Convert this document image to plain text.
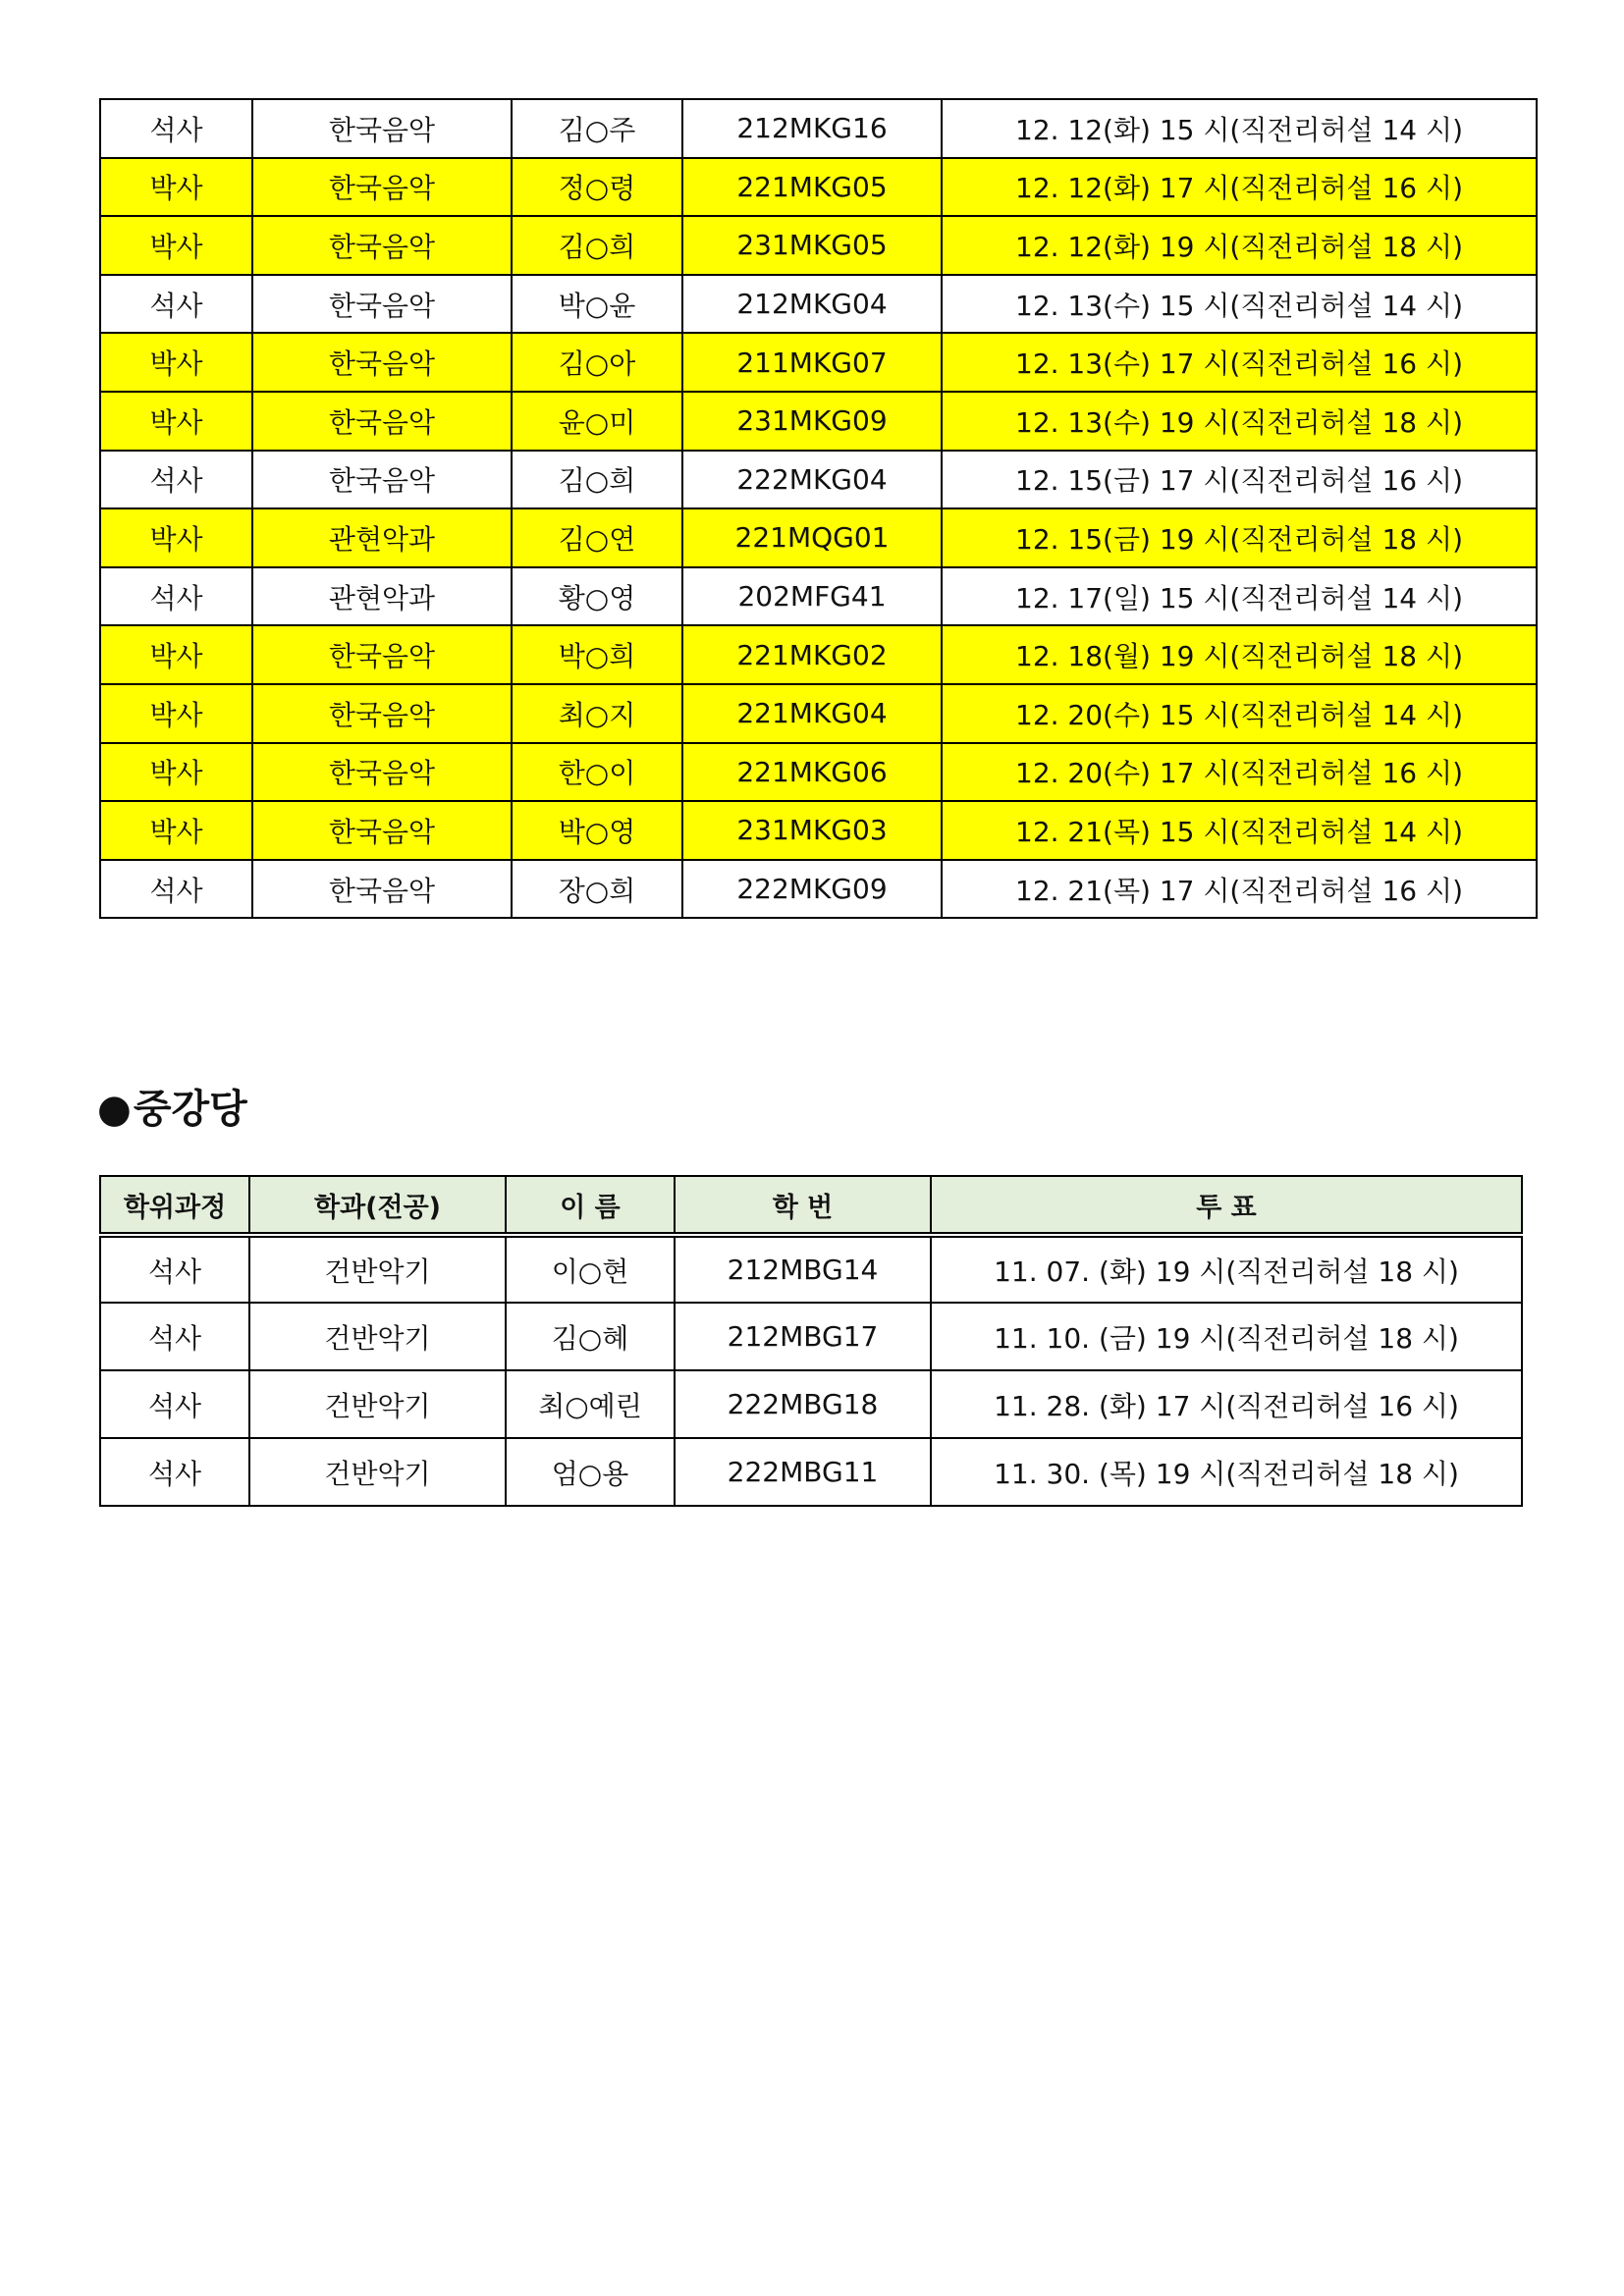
석사	한국음악	김○주	212MKG16	12. 12(화) 15 시(직전리허설 14 시)
박사	한국음악	정○령	221MKG05	12. 12(화) 17 시(직전리허설 16 시)
박사	한국음악	김○희	231MKG05	12. 12(화) 19 시(직전리허설 18 시)
석사	한국음악	박○윤	212MKG04	12. 13(수) 15 시(직전리허설 14 시)
박사	한국음악	김○아	211MKG07	12. 13(수) 17 시(직전리허설 16 시)
박사	한국음악	윤○미	231MKG09	12. 13(수) 19 시(직전리허설 18 시)
석사	한국음악	김○희	222MKG04	12. 15(금) 17 시(직전리허설 16 시)
박사	관현악과	김○연	221MQG01	12. 15(금) 19 시(직전리허설 18 시)
석사	관현악과	황○영	202MFG41	12. 17(일) 15 시(직전리허설 14 시)
박사	한국음악	박○희	221MKG02	12. 18(월) 19 시(직전리허설 18 시)
박사	한국음악	최○지	221MKG04	12. 20(수) 15 시(직전리허설 14 시)
박사	한국음악	한○이	221MKG06	12. 20(수) 17 시(직전리허설 16 시)
박사	한국음악	박○영	231MKG03	12. 21(목) 15 시(직전리허설 14 시)
석사	한국음악	장○희	222MKG09	12. 21(목) 17 시(직전리허설 16 시)
●중강당
학위과정	학과(전공)	이 름	학 번	투 표
석사	건반악기	이○현	212MBG14	11. 07. (화) 19 시(직전리허설 18 시)
석사	건반악기	김○혜	212MBG17	11. 10. (금) 19 시(직전리허설 18 시)
석사	건반악기	최○예린	222MBG18	11. 28. (화) 17 시(직전리허설 16 시)
석사	건반악기	엄○용	222MBG11	11. 30. (목) 19 시(직전리허설 18 시)
